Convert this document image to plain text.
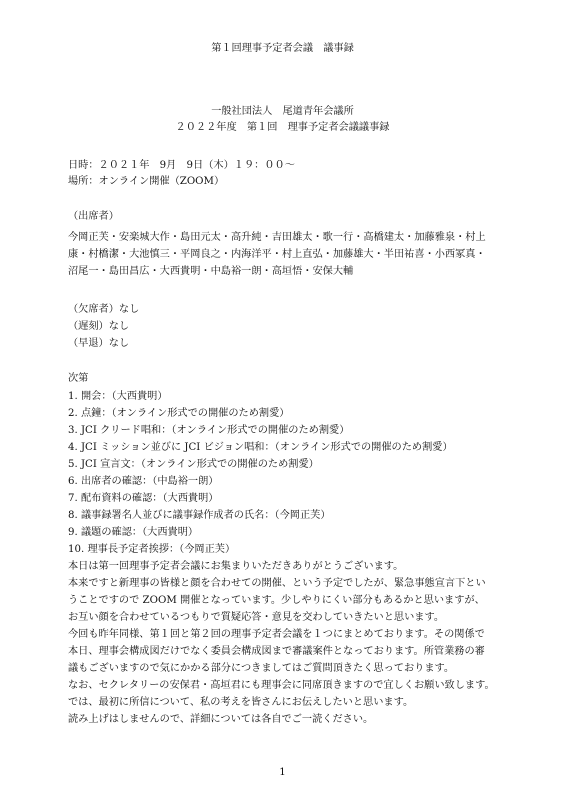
第１回理事予定者会議　議事録
一般社団法人　尾道青年会議所
２０２２年度　第１回　理事予定者会議議事録
日時：２０２１年　9月　9日（木）１９：００～
場所：オンライン開催（ZOOM）
（出席者）
今岡正芙・安楽城大作・島田元太・高升純・吉田雄太・歌一行・高橋建太・加藤雅泉・村上
康・村橋潔・大池慎三・平岡良之・内海洋平・村上直弘・加藤雄大・半田祐喜・小西冢真・
沼尾一・島田昌広・大西貴明・中島裕一朗・高垣悟・安保大輔
（欠席者）なし
（遅刻）なし
（早退）なし
次第
1. 開会：（大西貴明）
2. 点鐘：（オンライン形式での開催のため割愛）
3. JCI クリード唱和：（オンライン形式での開催のため割愛）
4. JCI ミッション並びに JCI ビジョン唱和：（オンライン形式での開催のため割愛）
5. JCI 宣言文：（オンライン形式での開催のため割愛）
6. 出席者の確認：（中島裕一朗）
7. 配布資料の確認：（大西貴明）
8. 議事録署名人並びに議事録作成者の氏名：（今岡正芙）
9. 議題の確認：（大西貴明）
10. 理事長予定者挨拶：（今岡正芙）
本日は第一回理事予定者会議にお集まりいただきありがとうございます。
本来ですと新理事の皆様と顔を合わせての開催、という予定でしたが、緊急事態宣言下とい
うことですので ZOOM 開催となっています。少しやりにくい部分もあるかと思いますが、
お互い顔を合わせているつもりで質疑応答・意見を交わしていきたいと思います。
今回も昨年同様、第１回と第２回の理事予定者会議を１つにまとめております。その関係で
本日、理事会構成図だけでなく委員会構成図まで審議案件となっております。所管業務の審
議もございますので気にかかる部分につきましてはご質問頂きたく思っております。
なお、セクレタリーの安保君・高垣君にも理事会に同席頂きますので宜しくお願い致します。
では、最初に所信について、私の考えを皆さんにお伝えしたいと思います。
読み上げはしませんので、詳細については各自でご一読ください。
1
